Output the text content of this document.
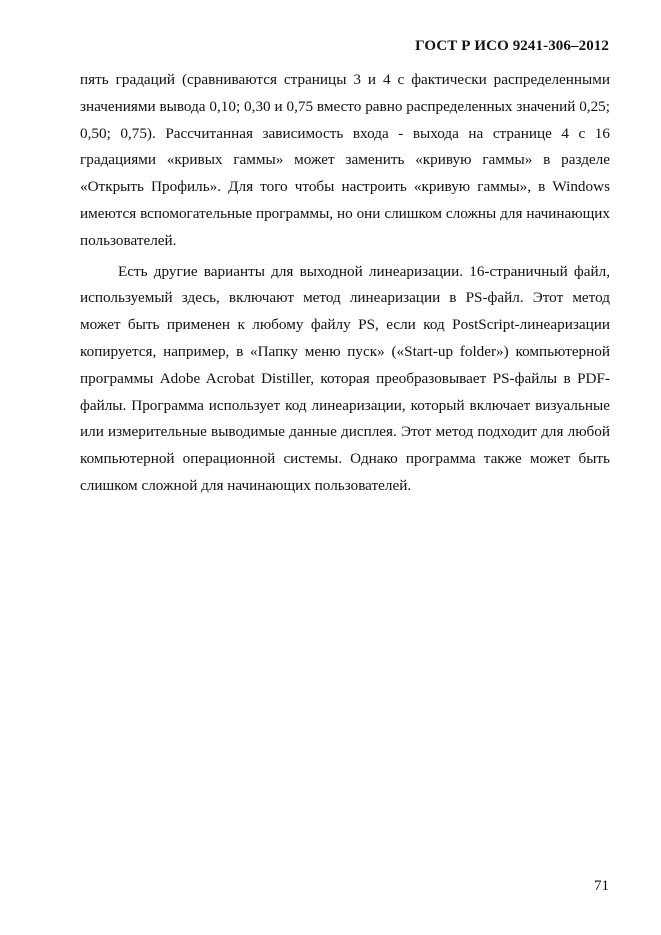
ГОСТ Р ИСО 9241-306–2012

пять градаций (сравниваются страницы 3 и 4 с фактически распределенными значениями вывода 0,10; 0,30 и 0,75 вместо равно распределенных значений 0,25; 0,50; 0,75). Рассчитанная зависимость входа - выхода на странице 4 с 16 градациями «кривых гаммы» может заменить «кривую гаммы» в разделе «Открыть Профиль». Для того чтобы настроить «кривую гаммы», в Windows имеются вспомогательные программы, но они слишком сложны для начинающих пользователей.

Есть другие варианты для выходной линеаризации. 16-страничный файл, используемый здесь, включают метод линеаризации в PS-файл. Этот метод может быть применен к любому файлу PS, если код PostScript-линеаризации копируется, например, в «Папку меню пуск» («Start-up folder») компьютерной программы Adobe Acrobat Distiller, которая преобразовывает PS-файлы в PDF-файлы. Программа использует код линеаризации, который включает визуальные или измерительные выводимые данные дисплея. Этот метод подходит для любой компьютерной операционной системы. Однако программа также может быть слишком сложной для начинающих пользователей.

71
